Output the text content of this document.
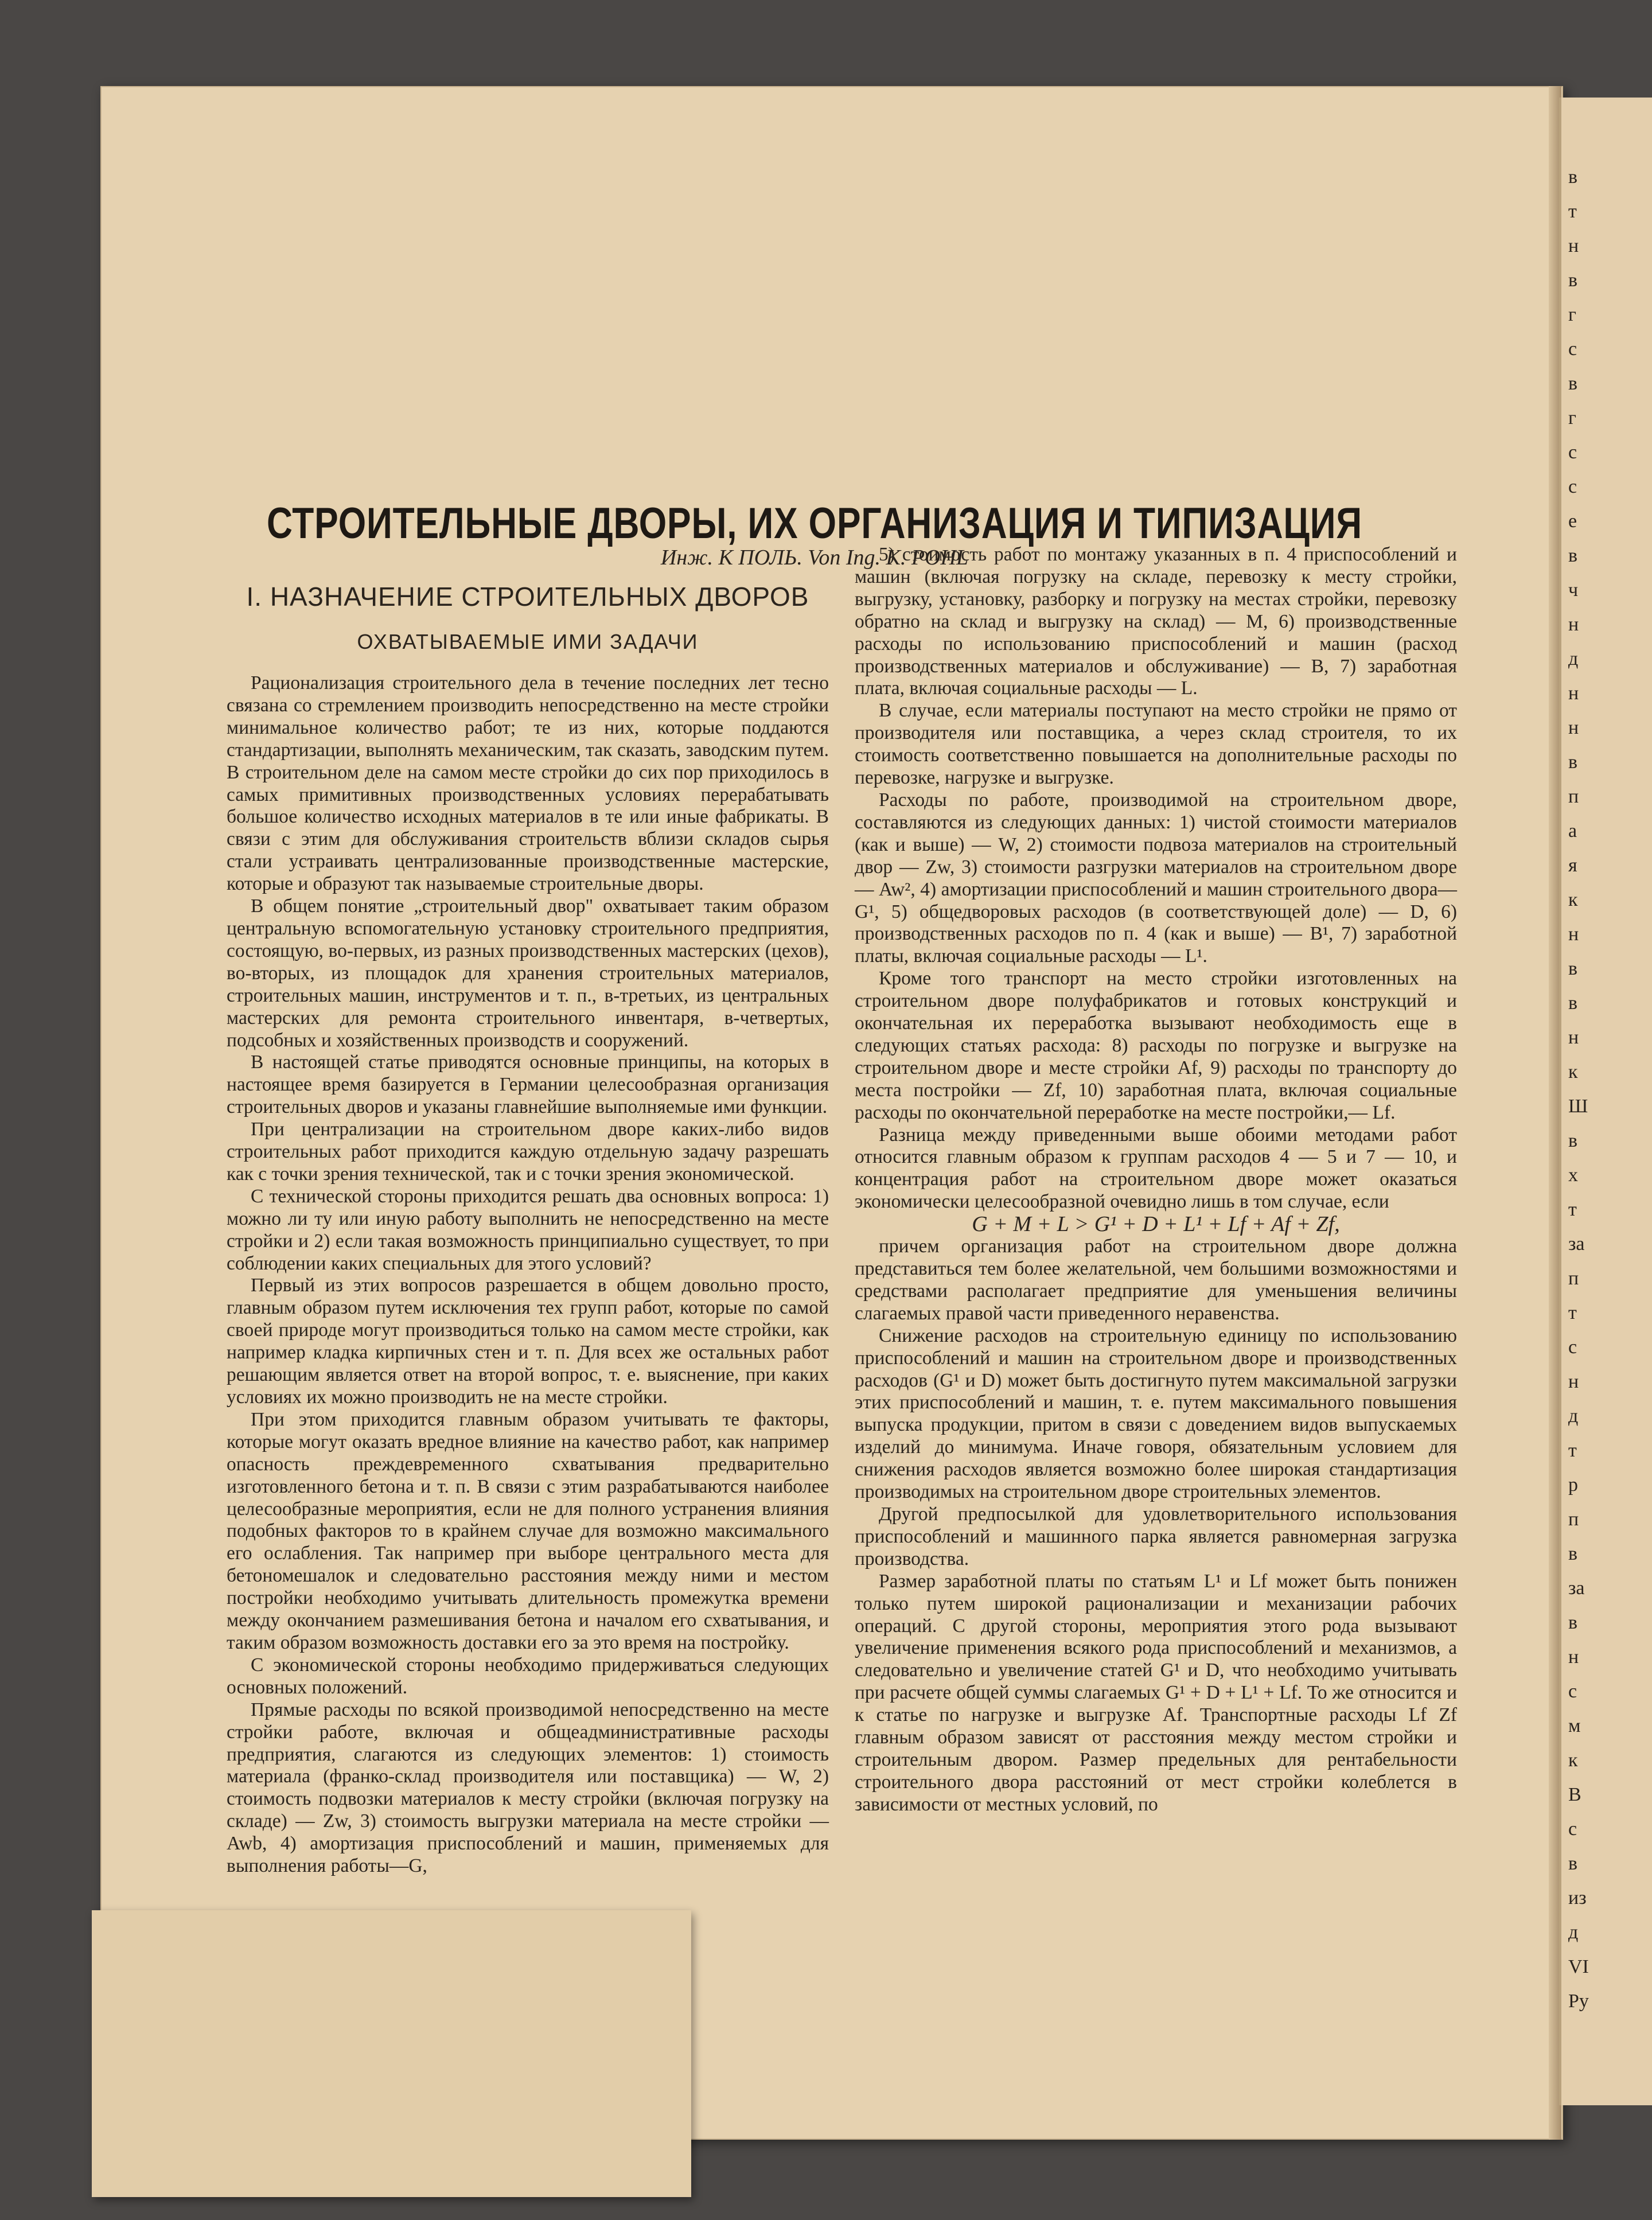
в
т
н
в
г
с
в
г
с
с
е
в
ч
н
д
н
н
в
п
а
я
к
н
в
в
н
к
Ш
в
х
т
за
п
т
с
н
д
т
р
п
в
за
в
н
с
м
к
В
с
в
из
д
VI
Ру
СТРОИТЕЛЬНЫЕ ДВОРЫ, ИХ ОРГАНИЗАЦИЯ И ТИПИЗАЦИЯ
Инж. К ПОЛЬ. Von Ing. K. POHL
I. НАЗНАЧЕНИЕ СТРОИТЕЛЬНЫХ ДВОРОВ
ОХВАТЫВАЕМЫЕ ИМИ ЗАДАЧИ

Рационализация строительного дела в течение последних лет тесно связана со стремлением производить непосредственно на месте стройки минимальное количество работ; те из них, которые поддаются стандартизации, выполнять механическим, так сказать, заводским путем. В строительном деле на самом месте стройки до сих пор приходилось в самых примитивных производственных условиях перерабатывать большое количество исходных материалов в те или иные фабрикаты. В связи с этим для обслуживания строительств вблизи складов сырья стали устраивать централизованные производственные мастерские, которые и образуют так называемые строительные дворы.

В общем понятие „строительный двор" охватывает таким образом центральную вспомогательную установку строительного предприятия, состоящую, во-первых, из разных производственных мастерских (цехов), во-вторых, из площадок для хранения строительных материалов, строительных машин, инструментов и т. п., в-третьих, из центральных мастерских для ремонта строительного инвентаря, в-четвертых, подсобных и хозяйственных производств и сооружений.

В настоящей статье приводятся основные принципы, на которых в настоящее время базируется в Германии целесообразная организация строительных дворов и указаны главнейшие выполняемые ими функции.

При централизации на строительном дворе каких-либо видов строительных работ приходится каждую отдельную задачу разрешать как с точки зрения технической, так и с точки зрения экономической.

С технической стороны приходится решать два основных вопроса: 1) можно ли ту или иную работу выполнить не непосредственно на месте стройки и 2) если такая возможность принципиально существует, то при соблюдении каких специальных для этого условий?

Первый из этих вопросов разрешается в общем довольно просто, главным образом путем исключения тех групп работ, которые по самой своей природе могут производиться только на самом месте стройки, как например кладка кирпичных стен и т. п. Для всех же остальных работ решающим является ответ на второй вопрос, т. е. выяснение, при каких условиях их можно производить не на месте стройки.

При этом приходится главным образом учитывать те факторы, которые могут оказать вредное влияние на качество работ, как например опасность преждевременного схватывания предварительно изготовленного бетона и т. п. В связи с этим разрабатываются наиболее целесообразные мероприятия, если не для полного устранения влияния подобных факторов то в крайнем случае для возможно максимального его ослабления. Так например при выборе центрального места для бетономешалок и следовательно расстояния между ними и местом постройки необходимо учитывать длительность промежутка времени между окончанием размешивания бетона и началом его схватывания, и таким образом возможность доставки его за это время на постройку.

С экономической стороны необходимо придерживаться следующих основных положений.

Прямые расходы по всякой производимой непосредственно на месте стройки работе, включая и общеадминистративные расходы предприятия, слагаются из следующих элементов: 1) стоимость материала (франко-склад производителя или поставщика) — W, 2) стоимость подвозки материалов к месту стройки (включая погрузку на складе) — Zw, 3) стоимость выгрузки материала на месте стройки — Awb, 4) амортизация приспособлений и машин, применяемых для выполнения работы—G,

5) стоимость работ по монтажу указанных в п. 4 приспособлений и машин (включая погрузку на складе, перевозку к месту стройки, выгрузку, установку, разборку и погрузку на местах стройки, перевозку обратно на склад и выгрузку на склад) — M, 6) производственные расходы по использованию приспособлений и машин (расход производственных материалов и обслуживание) — B, 7) заработная плата, включая социальные расходы — L.

В случае, если материалы поступают на место стройки не прямо от производителя или поставщика, а через склад строителя, то их стоимость соответственно повышается на дополнительные расходы по перевозке, нагрузке и выгрузке.

Расходы по работе, производимой на строительном дворе, составляются из следующих данных: 1) чистой стоимости материалов (как и выше) — W, 2) стоимости подвоза материалов на строительный двор — Zw, 3) стоимости разгрузки материалов на строительном дворе — Aw², 4) амортизации приспособлений и машин строительного двора—G¹, 5) общедворовых расходов (в соответствующей доле) — D, 6) производственных расходов по п. 4 (как и выше) — B¹, 7) заработной платы, включая социальные расходы — L¹.

Кроме того транспорт на место стройки изготовленных на строительном дворе полуфабрикатов и готовых конструкций и окончательная их переработка вызывают необходимость еще в следующих статьях расхода: 8) расходы по погрузке и выгрузке на строительном дворе и месте стройки Af, 9) расходы по транспорту до места постройки — Zf, 10) заработная плата, включая социальные расходы по окончательной переработке на месте постройки,— Lf.

Разница между приведенными выше обоими методами работ относится главным образом к группам расходов 4 — 5 и 7 — 10, и концентрация работ на строительном дворе может оказаться экономически целесообразной очевидно лишь в том случае, если

G + M + L > G¹ + D + L¹ + Lf + Af + Zf,

причем организация работ на строительном дворе должна представиться тем более желательной, чем большими возможностями и средствами располагает предприятие для уменьшения величины слагаемых правой части приведенного неравенства.

Снижение расходов на строительную единицу по использованию приспособлений и машин на строительном дворе и производственных расходов (G¹ и D) может быть достигнуто путем максимальной загрузки этих приспособлений и машин, т. е. путем максимального повышения выпуска продукции, притом в связи с доведением видов выпускаемых изделий до минимума. Иначе говоря, обязательным условием для снижения расходов является возможно более широкая стандартизация производимых на строительном дворе строительных элементов.

Другой предпосылкой для удовлетворительного использования приспособлений и машинного парка является равномерная загрузка производства.

Размер заработной платы по статьям L¹ и Lf может быть понижен только путем широкой рационализации и механизации рабочих операций. С другой стороны, мероприятия этого рода вызывают увеличение применения всякого рода приспособлений и механизмов, а следовательно и увеличение статей G¹ и D, что необходимо учитывать при расчете общей суммы слагаемых G¹ + D + L¹ + Lf. То же относится и к статье по нагрузке и выгрузке Af. Транспортные расходы Lf Zf главным образом зависят от расстояния между местом стройки и строительным двором. Размер предельных для рентабельности строительного двора расстояний от мест стройки колеблется в зависимости от местных условий, по
